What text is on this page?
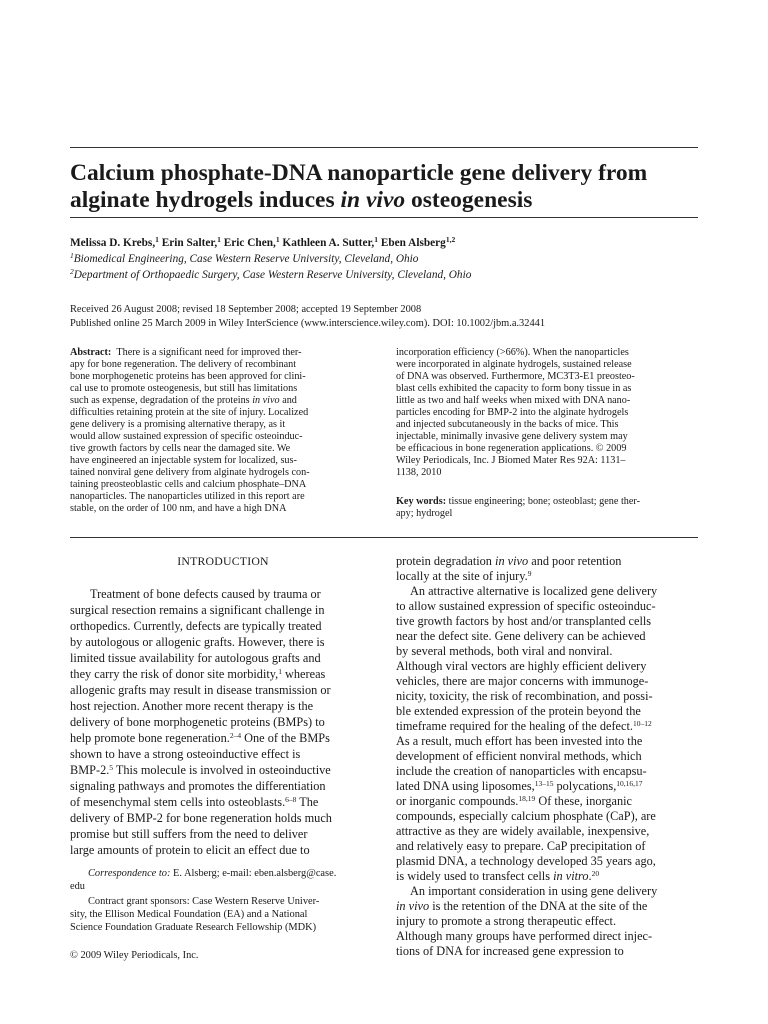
Calcium phosphate-DNA nanoparticle gene delivery from
alginate hydrogels induces in vivo osteogenesis
Melissa D. Krebs,$^1$ Erin Salter,$^1$ Eric Chen,$^1$ Kathleen A. Sutter,$^1$ Eben Alsberg$^{1,2}$
$^1$Biomedical Engineering, Case Western Reserve University, Cleveland, Ohio
$^2$Department of Orthopaedic Surgery, Case Western Reserve University, Cleveland, Ohio
Received 26 August 2008; revised 18 September 2008; accepted 19 September 2008
Published online 25 March 2009 in Wiley InterScience (www.interscience.wiley.com). DOI: 10.1002/jbm.a.32441
Abstract: There is a significant need for improved ther-
apy for bone regeneration. The delivery of recombinant
bone morphogenetic proteins has been approved for clini-
cal use to promote osteogenesis, but still has limitations
such as expense, degradation of the proteins in vivo and
difficulties retaining protein at the site of injury. Localized
gene delivery is a promising alternative therapy, as it
would allow sustained expression of specific osteoinduc-
tive growth factors by cells near the damaged site. We
have engineered an injectable system for localized, sus-
tained nonviral gene delivery from alginate hydrogels con-
taining preosteoblastic cells and calcium phosphate–DNA
nanoparticles. The nanoparticles utilized in this report are
stable, on the order of 100 nm, and have a high DNA
incorporation efficiency (>66%). When the nanoparticles
were incorporated in alginate hydrogels, sustained release
of DNA was observed. Furthermore, MC3T3-E1 preosteo-
blast cells exhibited the capacity to form bony tissue in as
little as two and half weeks when mixed with DNA nano-
particles encoding for BMP-2 into the alginate hydrogels
and injected subcutaneously in the backs of mice. This
injectable, minimally invasive gene delivery system may
be efficacious in bone regeneration applications. © 2009
Wiley Periodicals, Inc. J Biomed Mater Res 92A: 1131–
1138, 2010
Key words: tissue engineering; bone; osteoblast; gene ther-
apy; hydrogel
INTRODUCTION
Treatment of bone defects caused by trauma or
surgical resection remains a significant challenge in
orthopedics. Currently, defects are typically treated
by autologous or allogenic grafts. However, there is
limited tissue availability for autologous grafts and
they carry the risk of donor site morbidity,$^1$ whereas
allogenic grafts may result in disease transmission or
host rejection. Another more recent therapy is the
delivery of bone morphogenetic proteins (BMPs) to
help promote bone regeneration.$^{2-4}$ One of the BMPs
shown to have a strong osteoinductive effect is
BMP-2.$^5$ This molecule is involved in osteoinductive
signaling pathways and promotes the differentiation
of mesenchymal stem cells into osteoblasts.$^{6-8}$ The
delivery of BMP-2 for bone regeneration holds much
promise but still suffers from the need to deliver
large amounts of protein to elicit an effect due to
Correspondence to: E. Alsberg; e-mail: eben.alsberg@case.
edu
Contract grant sponsors: Case Western Reserve Univer-
sity, the Ellison Medical Foundation (EA) and a National
Science Foundation Graduate Research Fellowship (MDK)
© 2009 Wiley Periodicals, Inc.
protein degradation in vivo and poor retention
locally at the site of injury.$^9$
An attractive alternative is localized gene delivery
to allow sustained expression of specific osteoinduc-
tive growth factors by host and/or transplanted cells
near the defect site. Gene delivery can be achieved
by several methods, both viral and nonviral.
Although viral vectors are highly efficient delivery
vehicles, there are major concerns with immunoge-
nicity, toxicity, the risk of recombination, and possi-
ble extended expression of the protein beyond the
timeframe required for the healing of the defect.$^{10-12}$
As a result, much effort has been invested into the
development of efficient nonviral methods, which
include the creation of nanoparticles with encapsu-
lated DNA using liposomes,$^{13-15}$ polycations,$^{10,16,17}$
or inorganic compounds.$^{18,19}$ Of these, inorganic
compounds, especially calcium phosphate (CaP), are
attractive as they are widely available, inexpensive,
and relatively easy to prepare. CaP precipitation of
plasmid DNA, a technology developed 35 years ago,
is widely used to transfect cells in vitro.$^{20}$
An important consideration in using gene delivery
in vivo is the retention of the DNA at the site of the
injury to promote a strong therapeutic effect.
Although many groups have performed direct injec-
tions of DNA for increased gene expression to
